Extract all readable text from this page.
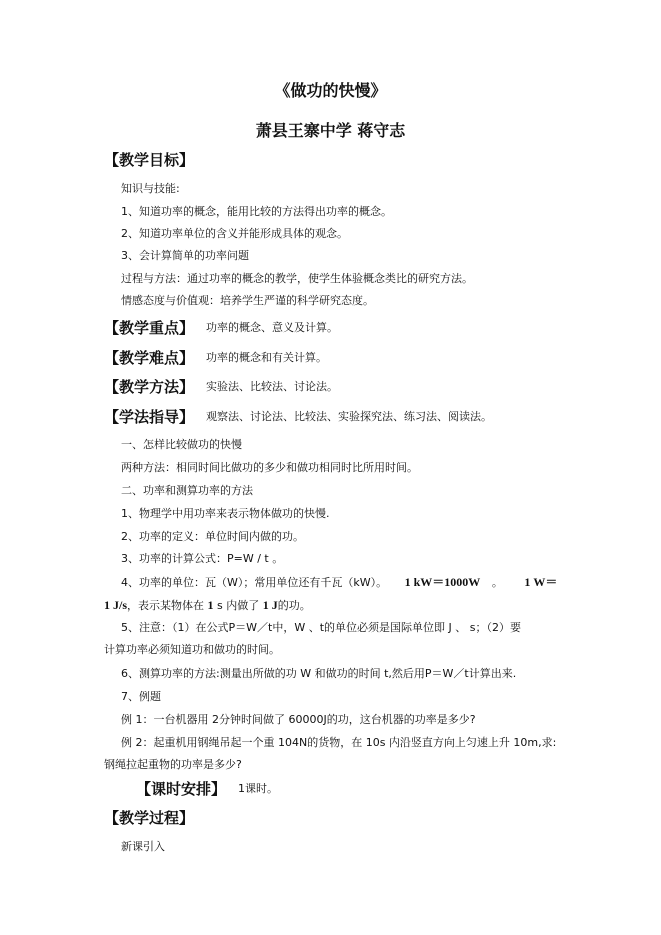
《做功的快慢》
萧县王寨中学 蒋守志
【教学目标】
知识与技能:
1、知道功率的概念，能用比较的方法得出功率的概念。
2、知道功率单位的含义并能形成具体的观念。
3、会计算简单的功率问题
过程与方法：通过功率的概念的教学，使学生体验概念类比的研究方法。
情感态度与价值观：培养学生严谨的科学研究态度。
【教学重点】 功率的概念、意义及计算。
【教学难点】 功率的概念和有关计算。
【教学方法】 实验法、比较法、讨论法。
【学法指导】 观察法、讨论法、比较法、实验探究法、练习法、阅读法。
一、怎样比较做功的快慢
两种方法：相同时间比做功的多少和做功相同时比所用时间。
二、功率和测算功率的方法
1、物理学中用功率来表示物体做功的快慢.
2、功率的定义：单位时间内做的功。
3、功率的计算公式：P=W / t 。
4、功率的单位：瓦（W）；常用单位还有千瓦（kW）。 1 kW＝1000W 。 1 W＝
1 J/s，表示某物体在 1 s 内做了 1 J的功。
5、注意：（1）在公式P＝W／t中，W 、t的单位必须是国际单位即 J 、 s；（2）要
计算功率必须知道功和做功的时间。
6、测算功率的方法:测量出所做的功 W 和做功的时间 t,然后用P＝W／t计算出来.
7、例题
例 1：一台机器用 2分钟时间做了 60000J的功，这台机器的功率是多少?
例 2：起重机用钢绳吊起一个重 104N的货物，在 10s 内沿竖直方向上匀速上升 10m,求:
钢绳拉起重物的功率是多少?
【课时安排】 1课时。
【教学过程】
新课引入
